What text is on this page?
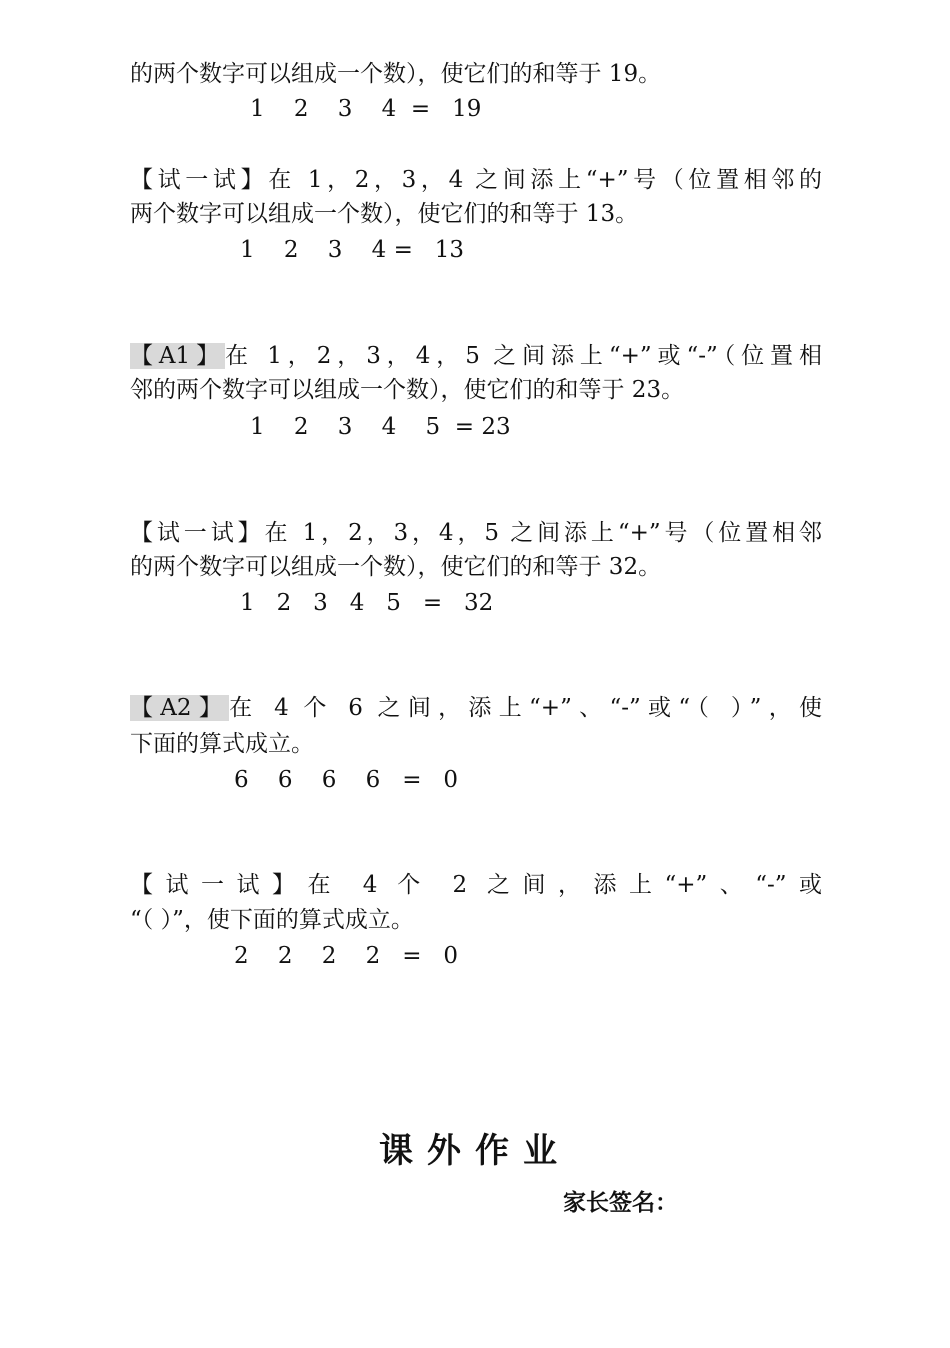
的两个数字可以组成一个数），使它们的和等于 19。
1    2    3    4  =   19
【试一试】在 1，2，3，4 之间添上“+”号（位置相邻的
两个数字可以组成一个数），使它们的和等于 13。
1    2    3    4 =   13
【A1】在 1，2，3，4，5 之间添上“+”或“-”（位置相
邻的两个数字可以组成一个数），使它们的和等于 23。
1    2    3    4    5  = 23
【试一试】在 1，2，3，4，5 之间添上“+”号（位置相邻
的两个数字可以组成一个数），使它们的和等于 32。
1   2   3   4   5   =   32
【A2】在 4 个 6 之间，添上“+”、“-”或“（ ）”，使
下面的算式成立。
6    6    6    6   =   0
【试一试】在 4 个 2 之间，添上“+”、“-”或
“（ ）”，使下面的算式成立。
2    2    2    2   =   0
课外作业
家长签名：
